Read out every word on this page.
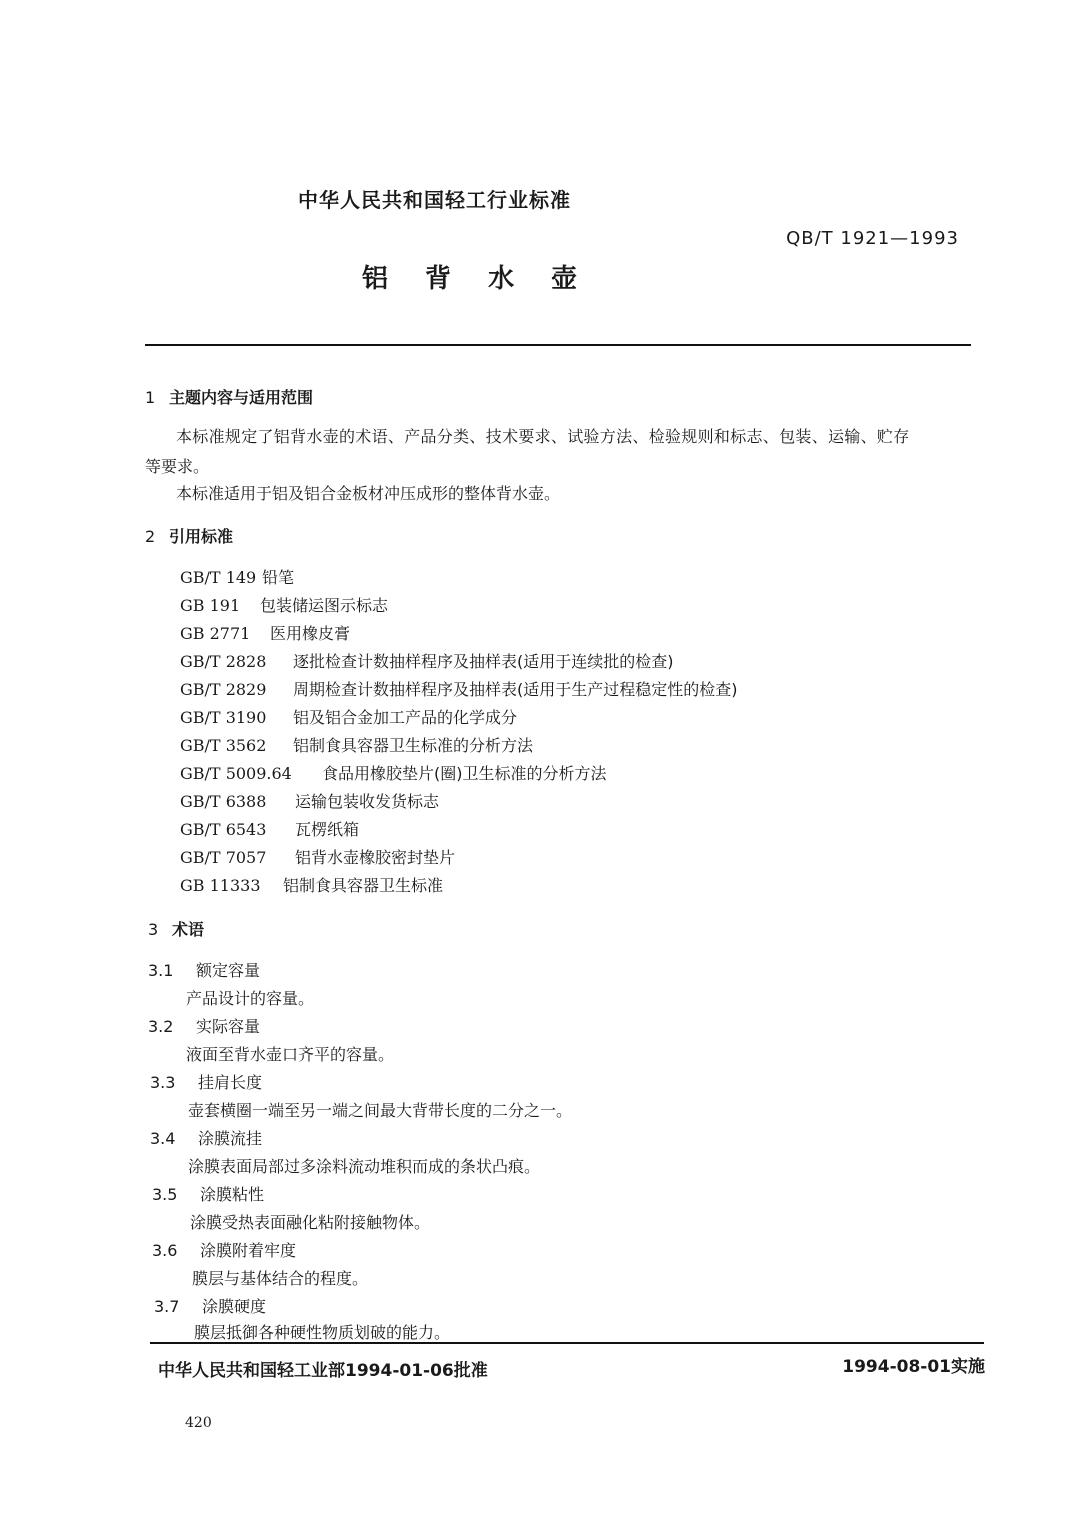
中华人民共和国轻工行业标准
QB/T 1921—1993
铝 背 水 壶
1 主题内容与适用范围
本标准规定了铝背水壶的术语、产品分类、技术要求、试验方法、检验规则和标志、包装、运输、贮存
等要求。
本标准适用于铝及铝合金板材冲压成形的整体背水壶。
2 引用标准
GB/T 149 铅笔
GB 191 包装储运图示标志
GB 2771 医用橡皮膏
GB/T 2828 逐批检查计数抽样程序及抽样表(适用于连续批的检查)
GB/T 2829 周期检查计数抽样程序及抽样表(适用于生产过程稳定性的检查)
GB/T 3190 铝及铝合金加工产品的化学成分
GB/T 3562 铝制食具容器卫生标准的分析方法
GB/T 5009.64 食品用橡胶垫片(圈)卫生标准的分析方法
GB/T 6388 运输包装收发货标志
GB/T 6543 瓦楞纸箱
GB/T 7057 铝背水壶橡胶密封垫片
GB 11333 铝制食具容器卫生标准
3 术语
3.1 额定容量
产品设计的容量。
3.2 实际容量
液面至背水壶口齐平的容量。
3.3 挂肩长度
壶套横圈一端至另一端之间最大背带长度的二分之一。
3.4 涂膜流挂
涂膜表面局部过多涂料流动堆积而成的条状凸痕。
3.5 涂膜粘性
涂膜受热表面融化粘附接触物体。
3.6 涂膜附着牢度
膜层与基体结合的程度。
3.7 涂膜硬度
膜层抵御各种硬性物质划破的能力。
中华人民共和国轻工业部1994-01-06批准	1994-08-01实施
420
